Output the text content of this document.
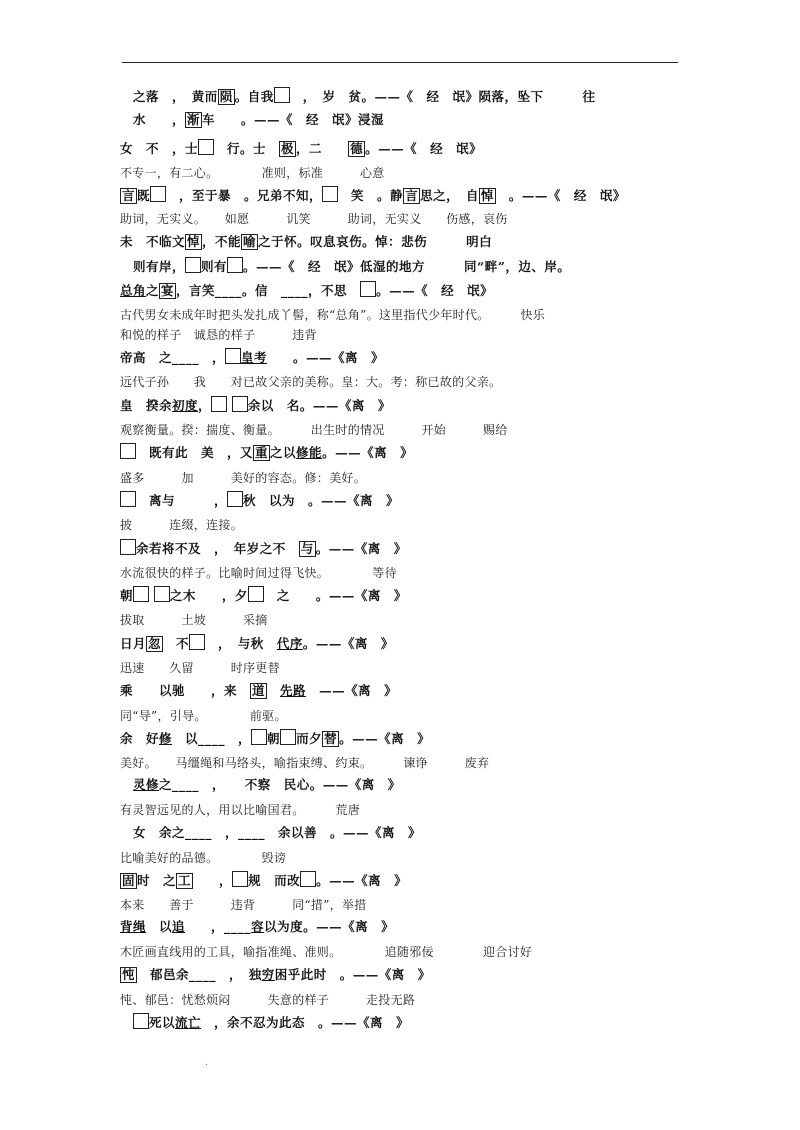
　之落　，　黄而 陨 。自我　，　岁　贫。——《　经　氓》陨落，坠下　　　往
　水　　， 渐 车　　。——《　经　氓》浸湿
女　不　，士　行。士　极 ，二　　德 。——《　经　氓》
不专一，有二心。　　　　准则，标准　　　心意
言 既　，至于暴　。兄弟不知，　笑　。静 言 思之，　自 悼　。——《　经　氓》
助词，无实义。　　如愿　　　讥笑　　　助词，无实义　　伤感，哀伤
未　不临文 悼 ，不能 喻 之于怀。叹息哀伤。悼：悲伤　　　明白
　则有岸， 则有 。——《　经　氓》低湿的地方　　　同“畔”，边、岸。
总角之 宴 ，言笑____。信　____，不思　。——《　经　氓》
古代男女未成年时把头发扎成丫髻，称“总角”。这里指代少年时代。　　　快乐
和悦的样子　诚恳的样子　　　违背
帝高　之____　， 皇考　　。——《离　》
远代子孙　　我　　对已故父亲的美称。皇：大。考：称已故的父亲。
皇　揆余初度，	余以　名。——《离　》
观察衡量。揆：揣度、衡量。　　　出生时的情况　　　开始　　　赐给
　既有此　美　，又 重 之以修能。——《离　》
盛多　　　加　　　美好的容态。修：美好。
　离与　　　， 秋　以为　。——《离　》
披　　　连缀，连接。
余若将不及　，　年岁之不　与 。——《离　》
水流很快的样子。比喻时间过得飞快。　　　　等待
朝	之木　　，夕　之　　。——《离　》
拔取　　　土坡　　　采摘
日月 忽　不　，　与秋　代序。——《离　》
迅速　　久留　　　时序更替
乘　　以驰　　，来　道　 先路　——《离　》
同“导”，引导。　　　　前驱。
余　好修　以____　， 朝 而夕 替 。——《离　》
美好。　　马缰绳和马络头，喻指束缚、约束。　　　谏诤　　　废弃
　灵修之____　，　　不察　民心。——《离　》
有灵智远见的人，用以比喻国君。　　　荒唐
　女　余之____　，____　余以善　。——《离　》
比喻美好的品德。　　　　毁谤
固 时　之 工　　， 规　而改 。——《离　》
本来　　善于　　　违背　　　同“措”，举措
背绳　以追　　，____容以为度。——《离　》
木匠画直线用的工具，喻指准绳、准则。　　　　追随邪佞　　　　迎合讨好
忳　郁邑余____　，　独穷困乎此时　。——《离　》
忳、郁邑：忧愁烦闷　　　失意的样子　　　走投无路
　死以流亡　，余不忍为此态　。——《离　》
.
